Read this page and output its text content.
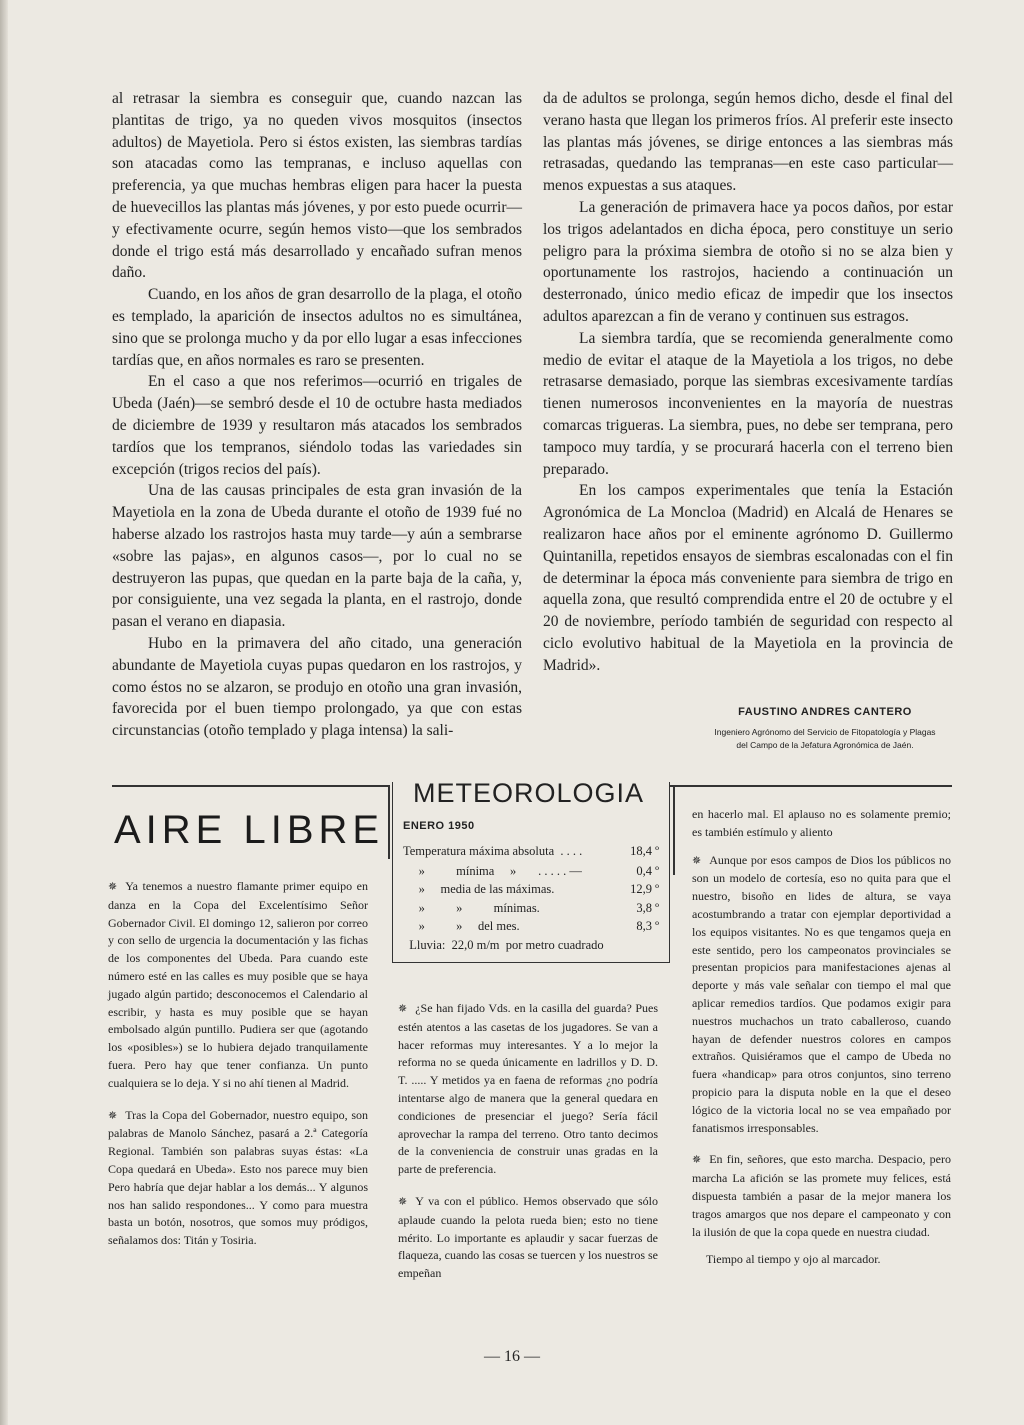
al retrasar la siembra es conseguir que, cuando nazcan las plantitas de trigo, ya no queden vivos mosquitos (insectos adultos) de Mayetiola. Pero si éstos existen, las siembras tardías son atacadas como las tempranas, e incluso aquellas con preferencia, ya que muchas hembras eligen para hacer la puesta de huevecillos las plantas más jóvenes, y por esto puede ocurrir—y efectivamente ocurre, según hemos visto—que los sembrados donde el trigo está más desarrollado y encañado sufran menos daño.

Cuando, en los años de gran desarrollo de la plaga, el otoño es templado, la aparición de insectos adultos no es simultánea, sino que se prolonga mucho y da por ello lugar a esas infecciones tardías que, en años normales es raro se presenten.

En el caso a que nos referimos—ocurrió en trigales de Ubeda (Jaén)—se sembró desde el 10 de octubre hasta mediados de diciembre de 1939 y resultaron más atacados los sembrados tardíos que los tempranos, siéndolo todas las variedades sin excepción (trigos recios del país).

Una de las causas principales de esta gran invasión de la Mayetiola en la zona de Ubeda durante el otoño de 1939 fué no haberse alzado los rastrojos hasta muy tarde—y aún a sembrarse «sobre las pajas», en algunos casos—, por lo cual no se destruyeron las pupas, que quedan en la parte baja de la caña, y, por consiguiente, una vez segada la planta, en el rastrojo, donde pasan el verano en diapasia.

Hubo en la primavera del año citado, una generación abundante de Mayetiola cuyas pupas quedaron en los rastrojos, y como éstos no se alzaron, se produjo en otoño una gran invasión, favorecida por el buen tiempo prolongado, ya que con estas circunstancias (otoño templado y plaga intensa) la sali-

da de adultos se prolonga, según hemos dicho, desde el final del verano hasta que llegan los primeros fríos. Al preferir este insecto las plantas más jóvenes, se dirige entonces a las siembras más retrasadas, quedando las tempranas—en este caso particular—menos expuestas a sus ataques.

La generación de primavera hace ya pocos daños, por estar los trigos adelantados en dicha época, pero constituye un serio peligro para la próxima siembra de otoño si no se alza bien y oportunamente los rastrojos, haciendo a continuación un desterronado, único medio eficaz de impedir que los insectos adultos aparezcan a fin de verano y continuen sus estragos.

La siembra tardía, que se recomienda generalmente como medio de evitar el ataque de la Mayetiola a los trigos, no debe retrasarse demasiado, porque las siembras excesivamente tardías tienen numerosos inconvenientes en la mayoría de nuestras comarcas trigueras. La siembra, pues, no debe ser temprana, pero tampoco muy tardía, y se procurará hacerla con el terreno bien preparado.

En los campos experimentales que tenía la Estación Agronómica de La Moncloa (Madrid) en Alcalá de Henares se realizaron hace años por el eminente agrónomo D. Guillermo Quintanilla, repetidos ensayos de siembras escalonadas con el fin de determinar la época más conveniente para siembra de trigo en aquella zona, que resultó comprendida entre el 20 de octubre y el 20 de noviembre, período también de seguridad con respecto al ciclo evolutivo habitual de la Mayetiola en la provincia de Madrid».

FAUSTINO ANDRES CANTERO
Ingeniero Agrónomo del Servicio de Fitopatología y Plagas
del Campo de la Jefatura Agronómica de Jaén.
AIRE LIBRE

✵ Ya tenemos a nuestro flamante primer equipo en danza en la Copa del Excelentísimo Señor Gobernador Civil. El domingo 12, salieron por correo y con sello de urgencia la documentación y las fichas de los componentes del Ubeda. Para cuando este número esté en las calles es muy posible que se haya jugado algún partido; desconocemos el Calendario al escribir, y hasta es muy posible que se hayan embolsado algún puntillo. Pudiera ser que (agotando los «posibles») se lo hubiera dejado tranquilamente fuera. Pero hay que tener confianza. Un punto cualquiera se lo deja. Y si no ahí tienen al Madrid.

✵ Tras la Copa del Gobernador, nuestro equipo, son palabras de Manolo Sánchez, pasará a 2.ª Categoría Regional. También son palabras suyas éstas: «La Copa quedará en Ubeda». Esto nos parece muy bien Pero habría que dejar hablar a los demás... Y algunos nos han salido respondones... Y como para muestra basta un botón, nosotros, que somos muy pródigos, señalamos dos: Titán y Tosiria.

METEOROLOGIA
ENERO 1950
Temperatura máxima absoluta  . . . .	18,4 º
»          mínima     »       . . . . . —	0,4 º
»     media de las máximas.	12,9 º
»          »          mínimas.	3,8 º
»          »     del mes.	8,3 º
Lluvia:  22,0 m/m  por metro cuadrado

✵ ¿Se han fijado Vds. en la casilla del guarda? Pues estén atentos a las casetas de los jugadores. Se van a hacer reformas muy interesantes. Y a lo mejor la reforma no se queda únicamente en ladrillos y D. D. T. ..... Y metidos ya en faena de reformas ¿no podría intentarse algo de manera que la general quedara en condiciones de presenciar el juego? Sería fácil aprovechar la rampa del terreno. Otro tanto decimos de la conveniencia de construir unas gradas en la parte de preferencia.

✵ Y va con el público. Hemos observado que sólo aplaude cuando la pelota rueda bien; esto no tiene mérito. Lo importante es aplaudir y sacar fuerzas de flaqueza, cuando las cosas se tuercen y los nuestros se empeñan

en hacerlo mal. El aplauso no es solamente premio; es también estímulo y aliento

✵ Aunque por esos campos de Dios los públicos no son un modelo de cortesía, eso no quita para que el nuestro, bisoño en lides de altura, se vaya acostumbrando a tratar con ejemplar deportividad a los equipos visitantes. No es que tengamos queja en este sentido, pero los campeonatos provinciales se presentan propicios para manifestaciones ajenas al deporte y más vale señalar con tiempo el mal que aplicar remedios tardíos. Que podamos exigir para nuestros muchachos un trato caballeroso, cuando hayan de defender nuestros colores en campos extraños. Quisiéramos que el campo de Ubeda no fuera «handicap» para otros conjuntos, sino terreno propicio para la disputa noble en la que el deseo lógico de la victoria local no se vea empañado por fanatismos irresponsables.

✵ En fin, señores, que esto marcha. Despacio, pero marcha La afición se las promete muy felices, está dispuesta también a pasar de la mejor manera los tragos amargos que nos depare el campeonato y con la ilusión de que la copa quede en nuestra ciudad.

Tiempo al tiempo y ojo al marcador.

— 16 —
